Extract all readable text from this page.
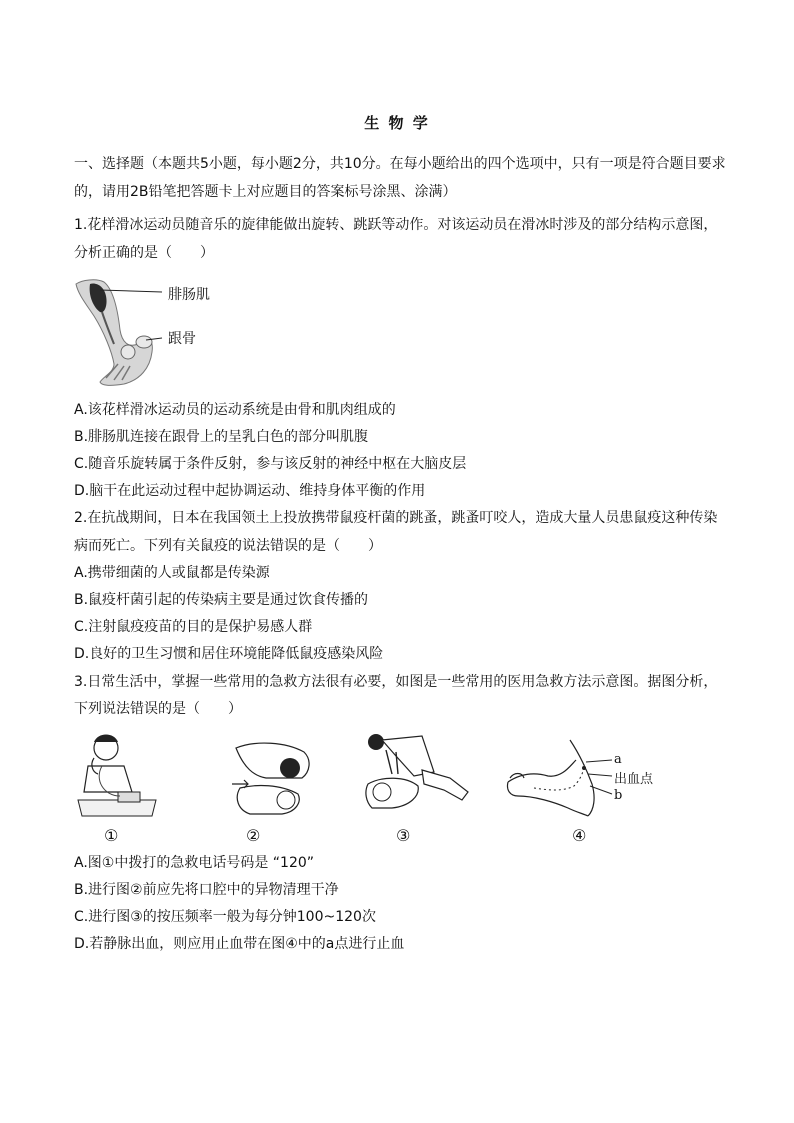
生 物 学
一、选择题（本题共5小题，每小题2分，共10分。在每小题给出的四个选项中，只有一项是符合题目要求
的，请用2B铅笔把答题卡上对应题目的答案标号涂黑、涂满）
1.花样滑冰运动员随音乐的旋律能做出旋转、跳跃等动作。对该运动员在滑冰时涉及的部分结构示意图，
分析正确的是（　　）
腓肠肌
跟骨
A.该花样滑冰运动员的运动系统是由骨和肌肉组成的
B.腓肠肌连接在跟骨上的呈乳白色的部分叫肌腹
C.随音乐旋转属于条件反射，参与该反射的神经中枢在大脑皮层
D.脑干在此运动过程中起协调运动、维持身体平衡的作用
2.在抗战期间，日本在我国领土上投放携带鼠疫杆菌的跳蚤，跳蚤叮咬人，造成大量人员患鼠疫这种传染
病而死亡。下列有关鼠疫的说法错误的是（　　）
A.携带细菌的人或鼠都是传染源
B.鼠疫杆菌引起的传染病主要是通过饮食传播的
C.注射鼠疫疫苗的目的是保护易感人群
D.良好的卫生习惯和居住环境能降低鼠疫感染风险
3.日常生活中，掌握一些常用的急救方法很有必要，如图是一些常用的医用急救方法示意图。据图分析，
下列说法错误的是（　　）
①	②	③
a
出血点
b
④
A.图①中拨打的急救电话号码是 “120”
B.进行图②前应先将口腔中的异物清理干净
C.进行图③的按压频率一般为每分钟100~120次
D.若静脉出血，则应用止血带在图④中的a点进行止血
